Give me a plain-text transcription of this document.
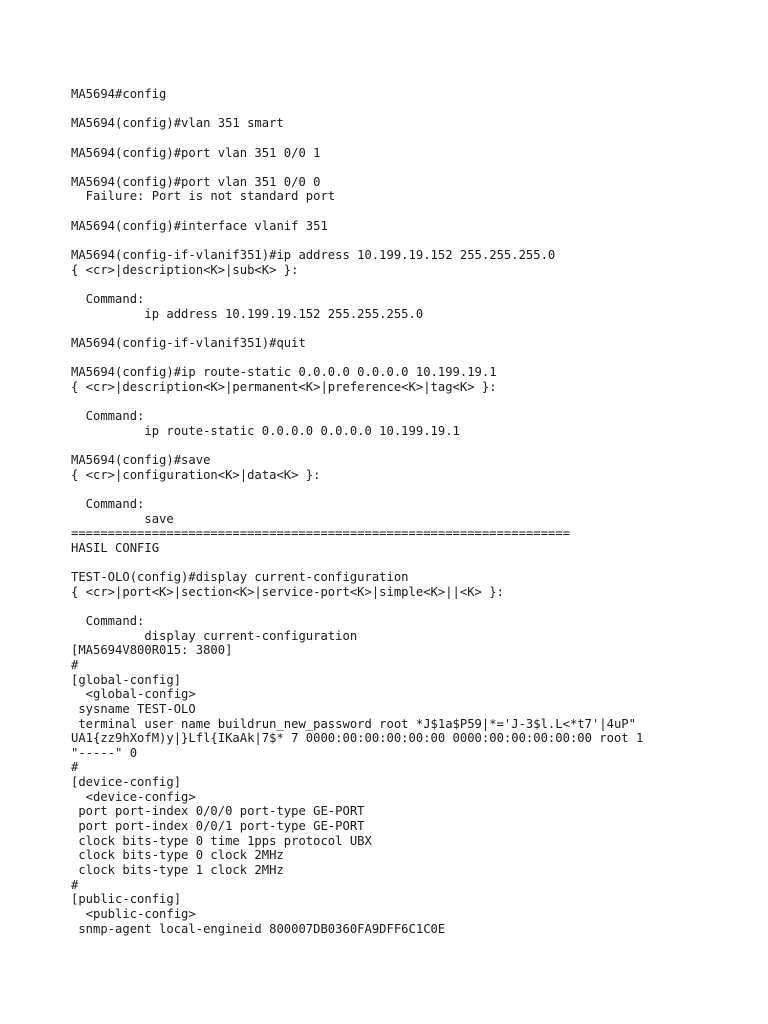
MA5694#config
MA5694(config)#vlan 351 smart
MA5694(config)#port vlan 351 0/0 1
MA5694(config)#port vlan 351 0/0 0
Failure: Port is not standard port
MA5694(config)#interface vlanif 351
MA5694(config-if-vlanif351)#ip address 10.199.19.152 255.255.255.0
{ <cr>|description<K>|sub<K> }:
Command:
ip address 10.199.19.152 255.255.255.0
MA5694(config-if-vlanif351)#quit
MA5694(config)#ip route-static 0.0.0.0 0.0.0.0 10.199.19.1
{ <cr>|description<K>|permanent<K>|preference<K>|tag<K> }:
Command:
ip route-static 0.0.0.0 0.0.0.0 10.199.19.1
MA5694(config)#save
{ <cr>|configuration<K>|data<K> }:
Command:
save
====================================================================
HASIL CONFIG
TEST-OLO(config)#display current-configuration
{ <cr>|port<K>|section<K>|service-port<K>|simple<K>||<K> }:
Command:
display current-configuration
[MA5694V800R015: 3800]
#
[global-config]
<global-config>
sysname TEST-OLO
terminal user name buildrun_new_password root *J$1a$P59|*='J-3$l.L<*t7'|4uP"
UA1{zz9hXofM)y|}Lfl{IKaAk|7$* 7 0000:00:00:00:00:00 0000:00:00:00:00:00 root 1
"-----" 0
#
[device-config]
<device-config>
port port-index 0/0/0 port-type GE-PORT
port port-index 0/0/1 port-type GE-PORT
clock bits-type 0 time 1pps protocol UBX
clock bits-type 0 clock 2MHz
clock bits-type 1 clock 2MHz
#
[public-config]
<public-config>
snmp-agent local-engineid 800007DB0360FA9DFF6C1C0E
